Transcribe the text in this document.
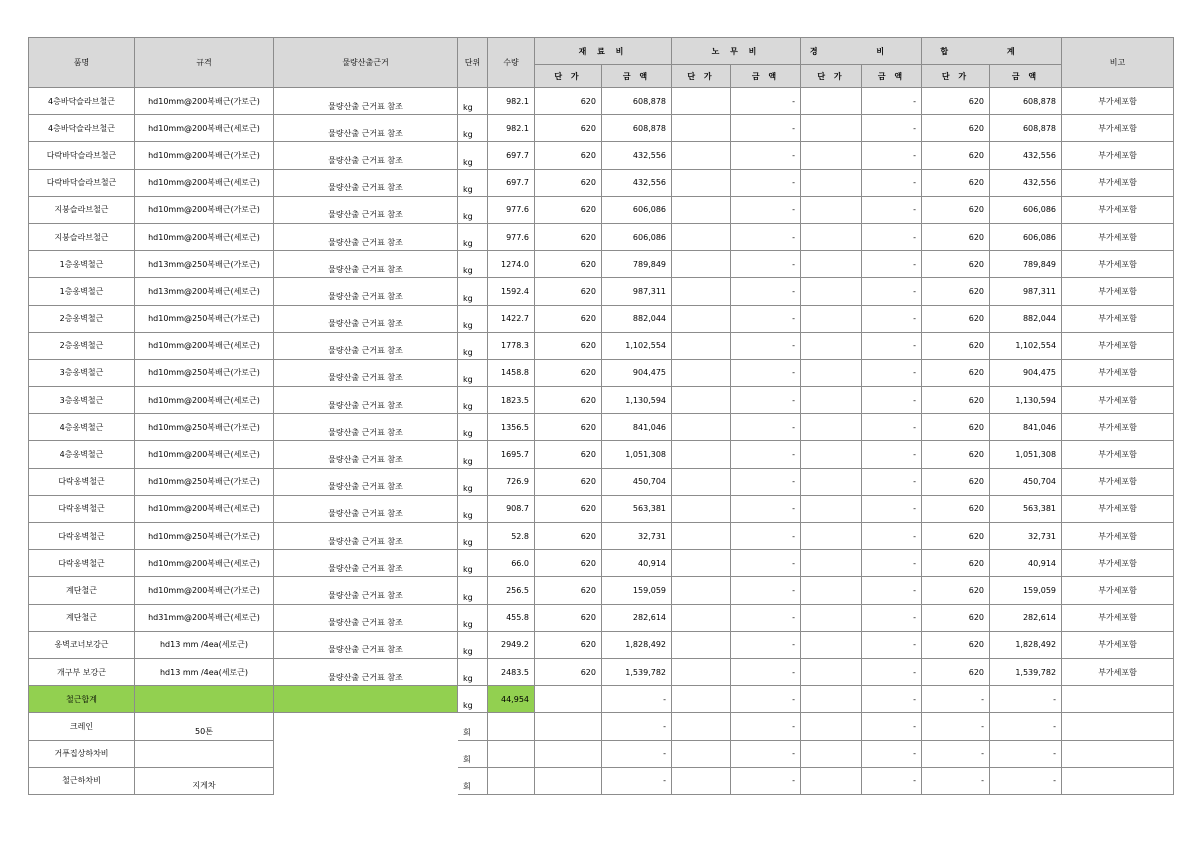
품명	규격	물량산출근거	단위	수량	재 료 비		노 무 비		경 비		합 계		비고
					단 가	금 액	단 가	금 액	단 가	금 액	단 가	금 액	
4층바닥슬라브철근	hd10mm@200복배근(가로근)	물량산출 근거표 참조	kg	982.1	620	608,878		-		-	620	608,878	부가세포함
4층바닥슬라브철근	hd10mm@200복배근(세로근)	물량산출 근거표 참조	kg	982.1	620	608,878		-		-	620	608,878	부가세포함
다락바닥슬라브철근	hd10mm@200복배근(가로근)	물량산출 근거표 참조	kg	697.7	620	432,556		-		-	620	432,556	부가세포함
다락바닥슬라브철근	hd10mm@200복배근(세로근)	물량산출 근거표 참조	kg	697.7	620	432,556		-		-	620	432,556	부가세포함
지붕슬라브철근	hd10mm@200복배근(가로근)	물량산출 근거표 참조	kg	977.6	620	606,086		-		-	620	606,086	부가세포함
지붕슬라브철근	hd10mm@200복배근(세로근)	물량산출 근거표 참조	kg	977.6	620	606,086		-		-	620	606,086	부가세포함
1층옹벽철근	hd13mm@250복배근(가로근)	물량산출 근거표 참조	kg	1274.0	620	789,849		-		-	620	789,849	부가세포함
1층옹벽철근	hd13mm@200복배근(세로근)	물량산출 근거표 참조	kg	1592.4	620	987,311		-		-	620	987,311	부가세포함
2층옹벽철근	hd10mm@250복배근(가로근)	물량산출 근거표 참조	kg	1422.7	620	882,044		-		-	620	882,044	부가세포함
2층옹벽철근	hd10mm@200복배근(세로근)	물량산출 근거표 참조	kg	1778.3	620	1,102,554		-		-	620	1,102,554	부가세포함
3층옹벽철근	hd10mm@250복배근(가로근)	물량산출 근거표 참조	kg	1458.8	620	904,475		-		-	620	904,475	부가세포함
3층옹벽철근	hd10mm@200복배근(세로근)	물량산출 근거표 참조	kg	1823.5	620	1,130,594		-		-	620	1,130,594	부가세포함
4층옹벽철근	hd10mm@250복배근(가로근)	물량산출 근거표 참조	kg	1356.5	620	841,046		-		-	620	841,046	부가세포함
4층옹벽철근	hd10mm@200복배근(세로근)	물량산출 근거표 참조	kg	1695.7	620	1,051,308		-		-	620	1,051,308	부가세포함
다락옹벽철근	hd10mm@250복배근(가로근)	물량산출 근거표 참조	kg	726.9	620	450,704		-		-	620	450,704	부가세포함
다락옹벽철근	hd10mm@200복배근(세로근)	물량산출 근거표 참조	kg	908.7	620	563,381		-		-	620	563,381	부가세포함
다락옹벽철근	hd10mm@250복배근(가로근)	물량산출 근거표 참조	kg	52.8	620	32,731		-		-	620	32,731	부가세포함
다락옹벽철근	hd10mm@200복배근(세로근)	물량산출 근거표 참조	kg	66.0	620	40,914		-		-	620	40,914	부가세포함
계단철근	hd10mm@200복배근(가로근)	물량산출 근거표 참조	kg	256.5	620	159,059		-		-	620	159,059	부가세포함
계단철근	hd31mm@200복배근(세로근)	물량산출 근거표 참조	kg	455.8	620	282,614		-		-	620	282,614	부가세포함
옹벽코너보강근	hd13 mm /4ea(세로근)	물량산출 근거표 참조	kg	2949.2	620	1,828,492		-		-	620	1,828,492	부가세포함
개구부 보강근	hd13 mm /4ea(세로근)	물량산출 근거표 참조	kg	2483.5	620	1,539,782		-		-	620	1,539,782	부가세포함
철근합계			kg	44,954		-		-		-	-	-	
크레인	50톤		회			-		-		-	-	-	
거푸집상하차비			회			-		-		-	-	-	
철근하차비	지게차		회			-		-		-	-	-	
